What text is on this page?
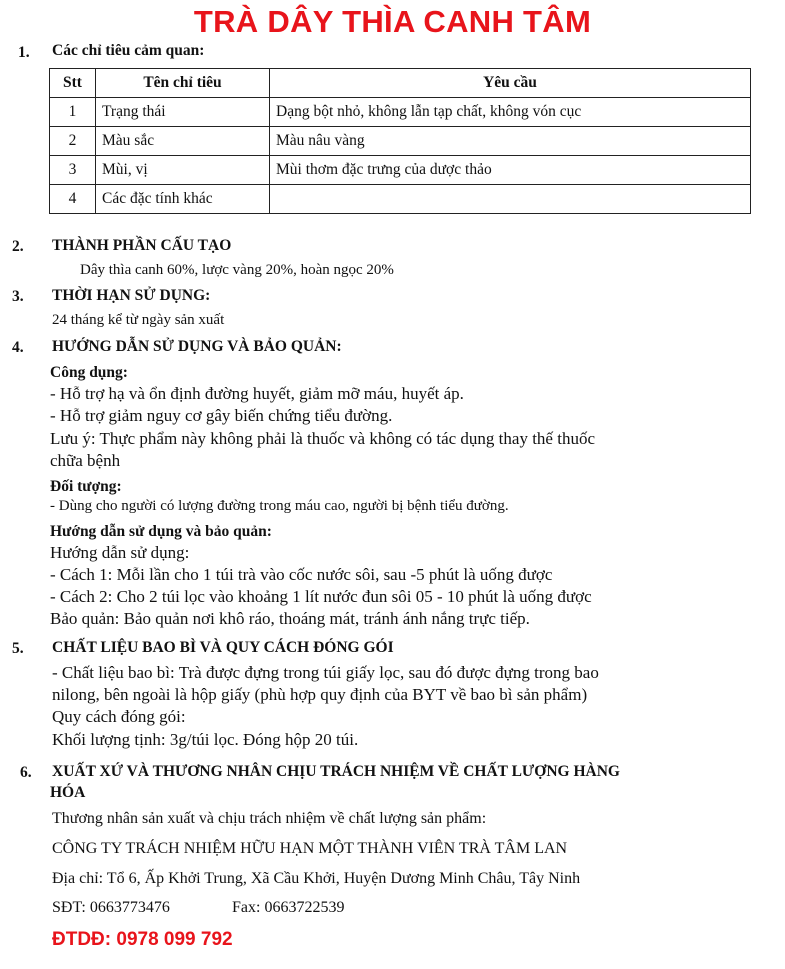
TRÀ DÂY THÌA CANH TÂM
1. Các chỉ tiêu cảm quan:
Stt	Tên chỉ tiêu	Yêu cầu
1	Trạng thái	Dạng bột nhỏ, không lẫn tạp chất, không vón cục
2	Màu sắc	Màu nâu vàng
3	Mùi, vị	Mùi thơm đặc trưng của dược thảo
4	Các đặc tính khác	
2. THÀNH PHẦN CẤU TẠO
Dây thìa canh 60%, lược vàng 20%, hoàn ngọc 20%
3. THỜI HẠN SỬ DỤNG:
24 tháng kể từ ngày sản xuất
4. HƯỚNG DẪN SỬ DỤNG VÀ BẢO QUẢN:
Công dụng:
- Hỗ trợ hạ và ổn định đường huyết, giảm mỡ máu, huyết áp.
- Hỗ trợ giảm nguy cơ gây biến chứng tiểu đường.
Lưu ý: Thực phẩm này không phải là thuốc và không có tác dụng thay thế thuốc
chữa bệnh
Đối tượng:
- Dùng cho người có lượng đường trong máu cao, người bị bệnh tiểu đường.
Hướng dẫn sử dụng và bảo quản:
Hướng dẫn sử dụng:
- Cách 1: Mỗi lần cho 1 túi trà vào cốc nước sôi, sau -5 phút là uống được
- Cách 2: Cho 2 túi lọc vào khoảng 1 lít nước đun sôi 05 - 10 phút là uống được
Bảo quản: Bảo quản nơi khô ráo, thoáng mát, tránh ánh nắng trực tiếp.
5. CHẤT LIỆU BAO BÌ VÀ QUY CÁCH ĐÓNG GÓI
- Chất liệu bao bì: Trà được đựng trong túi giấy lọc, sau đó được đựng trong bao
nilong, bên ngoài là hộp giấy (phù hợp quy định của BYT về bao bì sản phẩm)
Quy cách đóng gói:
Khối lượng tịnh: 3g/túi lọc. Đóng hộp 20 túi.
6. XUẤT XỨ VÀ THƯƠNG NHÂN CHỊU TRÁCH NHIỆM VỀ CHẤT LƯỢNG HÀNG
HÓA
Thương nhân sản xuất và chịu trách nhiệm về chất lượng sản phẩm:
CÔNG TY TRÁCH NHIỆM HỮU HẠN MỘT THÀNH VIÊN TRÀ TÂM LAN
Địa chỉ: Tổ 6, Ấp Khởi Trung, Xã Cầu Khởi, Huyện Dương Minh Châu, Tây Ninh
SĐT: 0663773476	Fax: 0663722539
ĐTDĐ: 0978 099 792
